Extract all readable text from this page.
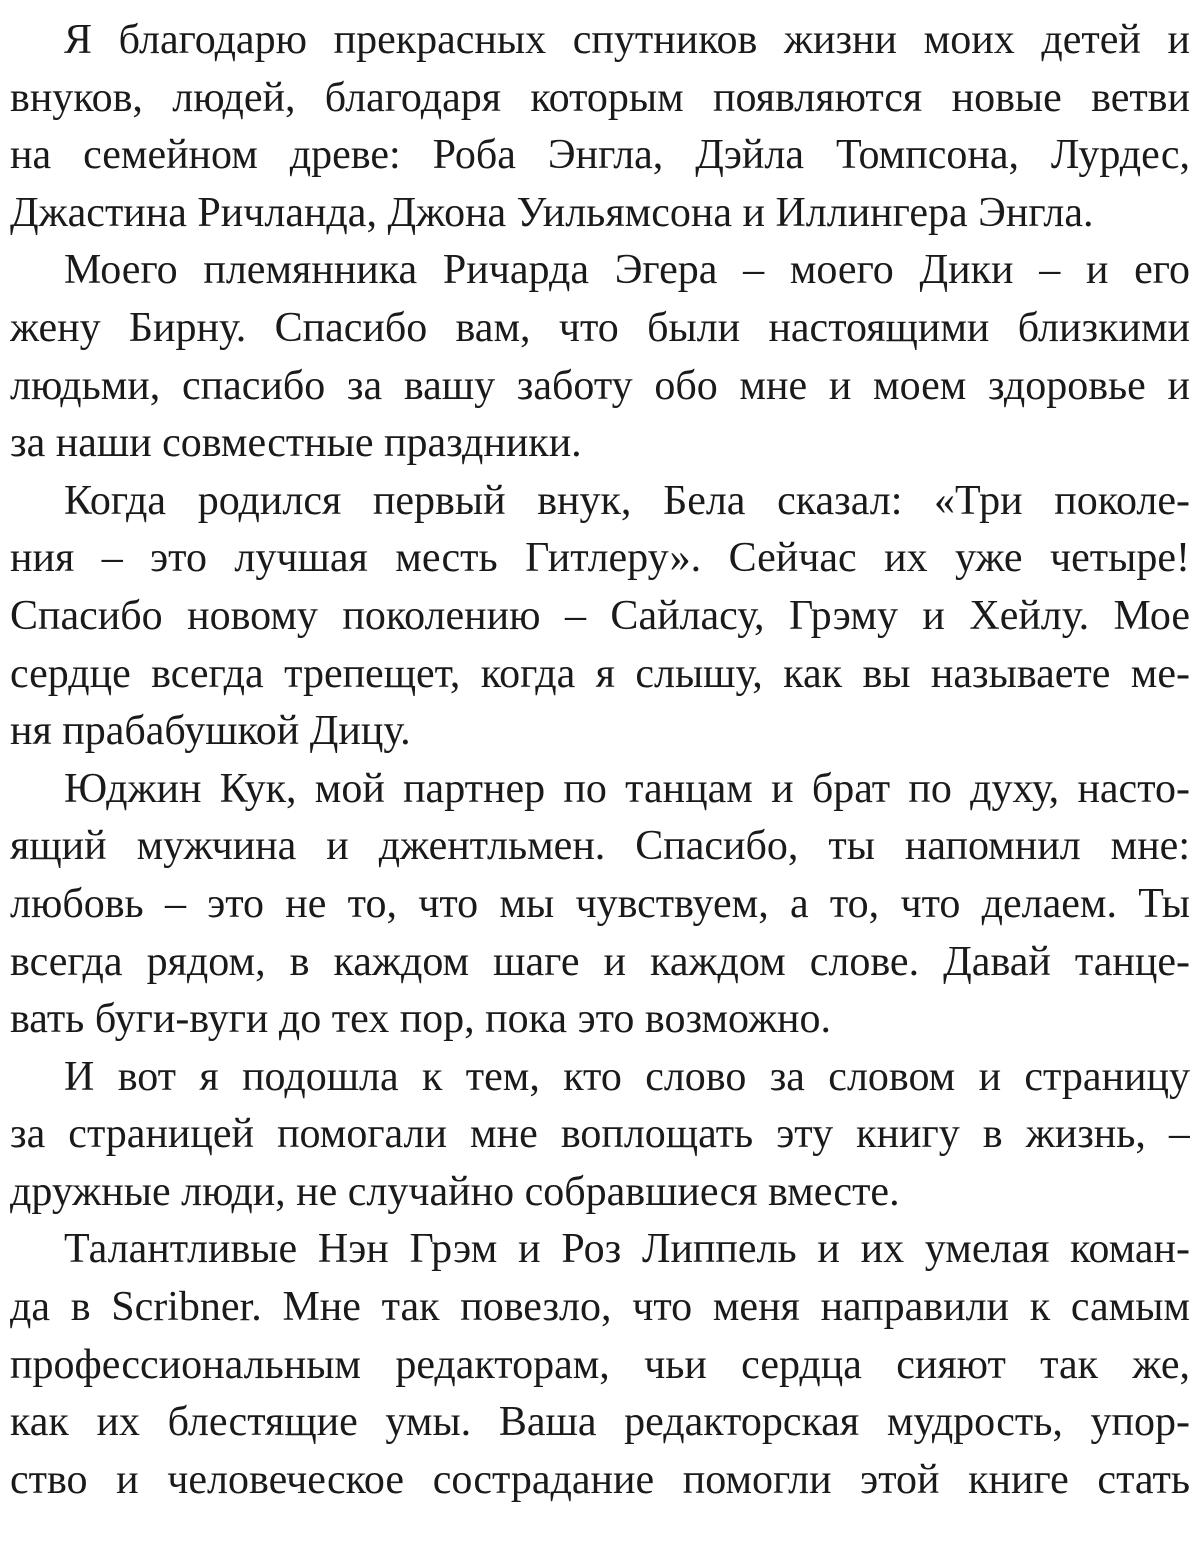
Я благодарю прекрасных спутников жизни моих детей и
внуков, людей, благодаря которым появляются новые ветви
на семейном древе: Роба Энгла, Дэйла Томпсона, Лурдес,
Джастина Ричланда, Джона Уильямсона и Иллингера Энгла.
Моего племянника Ричарда Эгера – моего Дики – и его
жену Бирну. Спасибо вам, что были настоящими близкими
людьми, спасибо за вашу заботу обо мне и моем здоровье и
за наши совместные праздники.
Когда родился первый внук, Бела сказал: «Три поколе-
ния – это лучшая месть Гитлеру». Сейчас их уже четыре!
Спасибо новому поколению – Сайласу, Грэму и Хейлу. Мое
сердце всегда трепещет, когда я слышу, как вы называете ме-
ня прабабушкой Дицу.
Юджин Кук, мой партнер по танцам и брат по духу, насто-
ящий мужчина и джентльмен. Спасибо, ты напомнил мне:
любовь – это не то, что мы чувствуем, а то, что делаем. Ты
всегда рядом, в каждом шаге и каждом слове. Давай танце-
вать буги-вуги до тех пор, пока это возможно.
И вот я подошла к тем, кто слово за словом и страницу
за страницей помогали мне воплощать эту книгу в жизнь, –
дружные люди, не случайно собравшиеся вместе.
Талантливые Нэн Грэм и Роз Липпель и их умелая коман-
да в Scribner. Мне так повезло, что меня направили к самым
профессиональным редакторам, чьи сердца сияют так же,
как их блестящие умы. Ваша редакторская мудрость, упор-
ство и человеческое сострадание помогли этой книге стать
